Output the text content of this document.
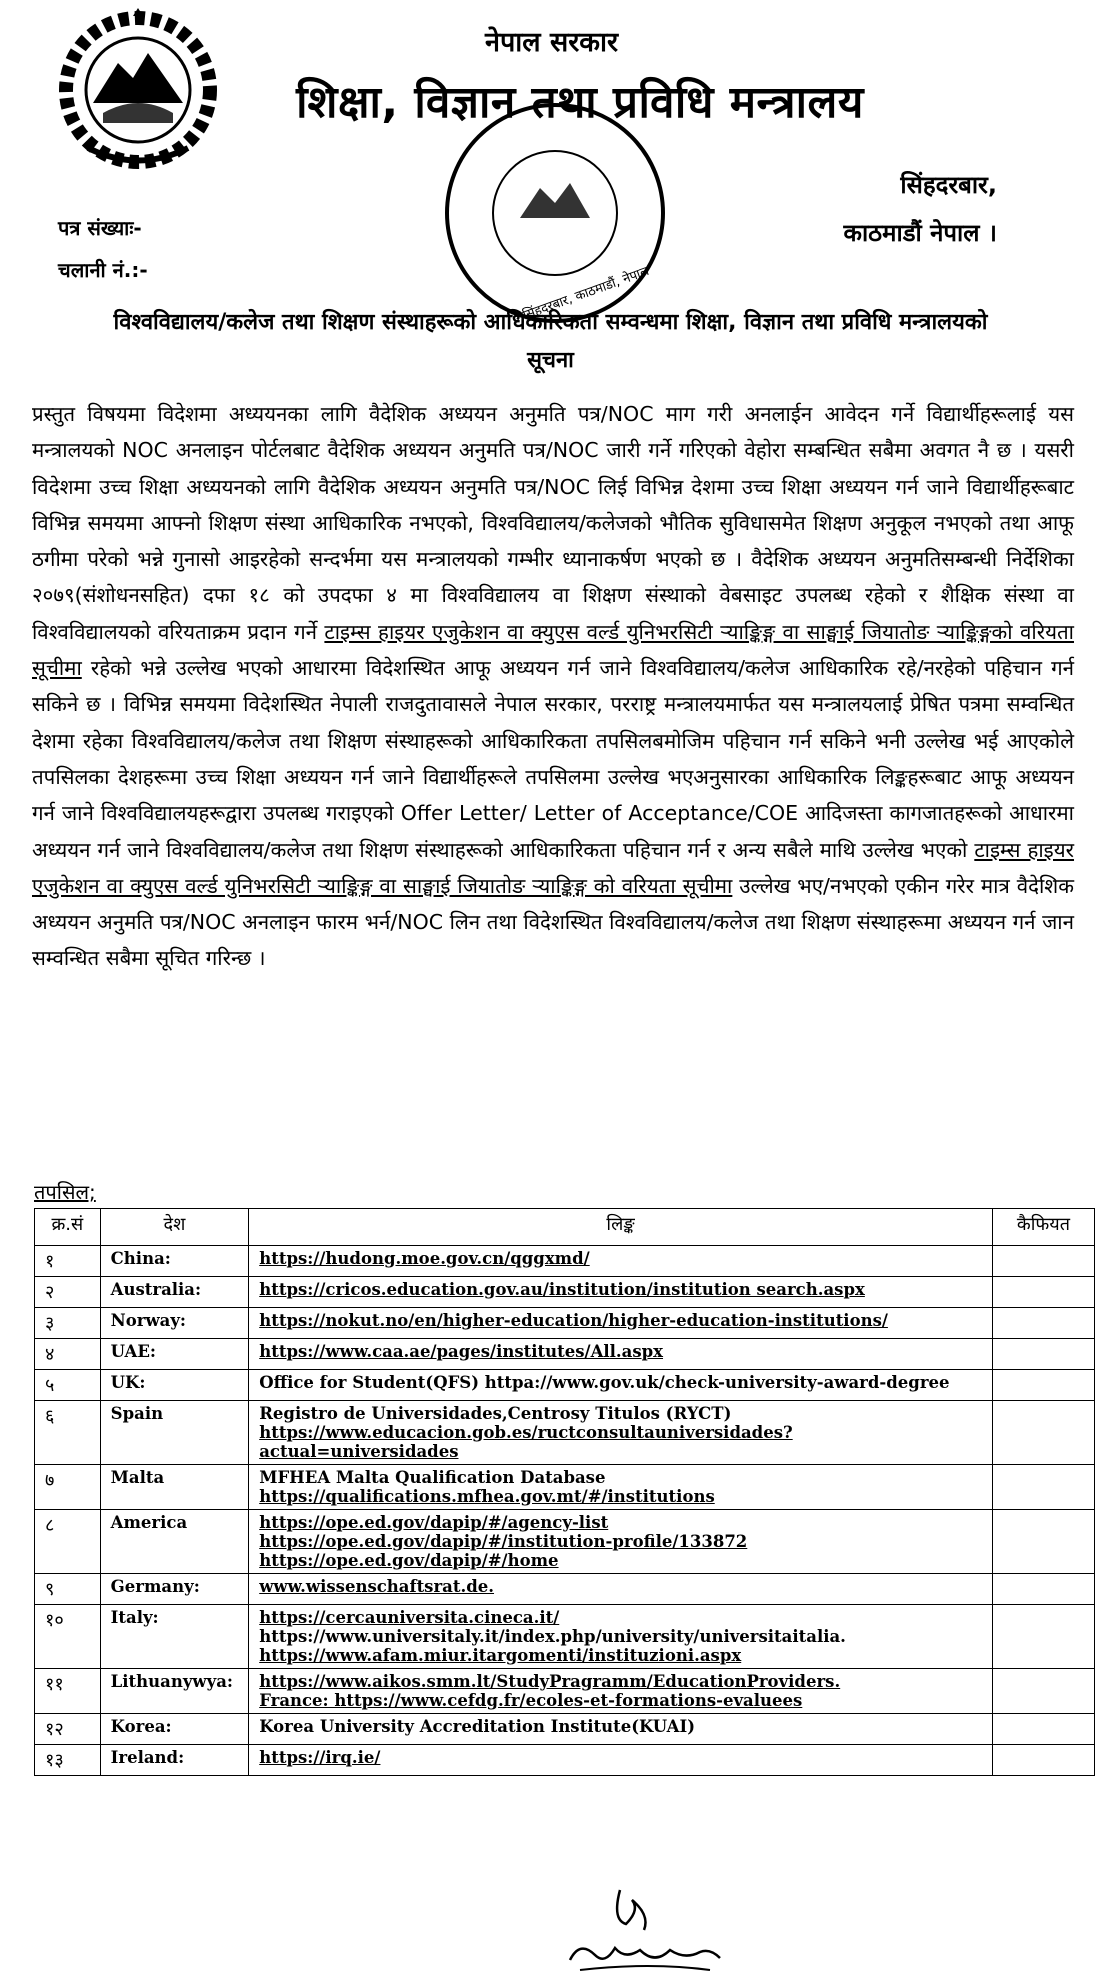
नेपाल सरकार
शिक्षा, विज्ञान तथा प्रविधि मन्त्रालय
सिंहदरबार, काठमाडौं, नेपाल
सिंहदरबार,
काठमाडौं नेपाल ।
पत्र संख्याः-
चलानी नं.:-
विश्वविद्यालय/कलेज तथा शिक्षण संस्थाहरूको आधिकारिकता सम्वन्धमा शिक्षा, विज्ञान तथा प्रविधि मन्त्रालयको
सूचना
प्रस्तुत विषयमा विदेशमा अध्ययनका लागि वैदेशिक अध्ययन अनुमति पत्र/NOC माग गरी अनलाईन आवेदन गर्ने विद्यार्थीहरूलाई यस मन्त्रालयको NOC अनलाइन पोर्टलबाट वैदेशिक अध्ययन अनुमति पत्र/NOC जारी गर्ने गरिएको वेहोरा सम्बन्धित सबैमा अवगत नै छ । यसरी विदेशमा उच्च शिक्षा अध्ययनको लागि वैदेशिक अध्ययन अनुमति पत्र/NOC लिई विभिन्न देशमा उच्च शिक्षा अध्ययन गर्न जाने विद्यार्थीहरूबाट विभिन्न समयमा आफ्नो शिक्षण संस्था आधिकारिक नभएको, विश्वविद्यालय/कलेजको भौतिक सुविधासमेत शिक्षण अनुकूल नभएको तथा आफू ठगीमा परेको भन्ने गुनासो आइरहेको सन्दर्भमा यस मन्त्रालयको गम्भीर ध्यानाकर्षण भएको छ । वैदेशिक अध्ययन अनुमतिसम्बन्धी निर्देशिका २०७९(संशोधनसहित) दफा १८ को उपदफा ४ मा विश्वविद्यालय वा शिक्षण संस्थाको वेबसाइट उपलब्ध रहेको र शैक्षिक संस्था वा विश्वविद्यालयको वरियताक्रम प्रदान गर्ने टाइम्स हाइयर एजुकेशन वा क्युएस वर्ल्ड युनिभरसिटी र्‍याङ्किङ्ग वा साङ्घाई जियातोङ र्‍याङ्किङ्गको वरियता सूचीमा रहेको भन्ने उल्लेख भएको आधारमा विदेशस्थित आफू अध्ययन गर्न जाने विश्वविद्यालय/कलेज आधिकारिक रहे/नरहेको पहिचान गर्न सकिने छ । विभिन्न समयमा विदेशस्थित नेपाली राजदुतावासले नेपाल सरकार, परराष्ट्र मन्त्रालयमार्फत यस मन्त्रालयलाई प्रेषित पत्रमा सम्वन्धित देशमा रहेका विश्वविद्यालय/कलेज तथा शिक्षण संस्थाहरूको आधिकारिकता तपसिलबमोजिम पहिचान गर्न सकिने भनी उल्लेख भई आएकोले तपसिलका देशहरूमा उच्च शिक्षा अध्ययन गर्न जाने विद्यार्थीहरूले तपसिलमा उल्लेख भएअनुसारका आधिकारिक लिङ्कहरूबाट आफू अध्ययन गर्न जाने विश्वविद्यालयहरूद्वारा उपलब्ध गराइएको Offer Letter/ Letter of Acceptance/COE आदिजस्ता कागजातहरूको आधारमा अध्ययन गर्न जाने विश्वविद्यालय/कलेज तथा शिक्षण संस्थाहरूको आधिकारिकता पहिचान गर्न र अन्य सबैले माथि उल्लेख भएको टाइम्स हाइयर एजुकेशन वा क्युएस वर्ल्ड युनिभरसिटी र्‍याङ्किङ्ग वा साङ्घाई जियातोङ र्‍याङ्किङ्ग को वरियता सूचीमा उल्लेख भए/नभएको एकीन गरेर मात्र वैदेशिक अध्ययन अनुमति पत्र/NOC अनलाइन फारम भर्न/NOC लिन तथा विदेशस्थित विश्वविद्यालय/कलेज तथा शिक्षण संस्थाहरूमा अध्ययन गर्न जान सम्वन्धित सबैमा सूचित गरिन्छ ।
तपसिल;
क्र.सं	देश	लिङ्क	कैफियत
१	China:	https://hudong.moe.gov.cn/qggxmd/	

२	Australia:	https://cricos.education.gov.au/institution/institution search.aspx	

३	Norway:	https://nokut.no/en/higher-education/higher-education-institutions/	

४	UAE:	https://www.caa.ae/pages/institutes/All.aspx	

५	UK:	Office for Student(QFS) httpa://www.gov.uk/check-university-award-degree	

६	Spain	Registro de Universidades,Centrosy Titulos (RYCT)
https://www.educacion.gob.es/ructconsultauniversidades?actual=universidades	

७	Malta	MFHEA Malta Qualification Database
https://qualifications.mfhea.gov.mt/#/institutions	

८	America	https://ope.ed.gov/dapip/#/agency-list
https://ope.ed.gov/dapip/#/institution-profile/133872
https://ope.ed.gov/dapip/#/home	

९	Germany:	www.wissenschaftsrat.de.	

१०	Italy:	https://cercauniversita.cineca.it/
https://www.universitaly.it/index.php/university/universitaitalia.
https://www.afam.miur.itargomenti/instituzioni.aspx	

११	Lithuanywya:	https://www.aikos.smm.lt/StudyPragramm/EducationProviders.
France: https://www.cefdg.fr/ecoles-et-formations-evaluees	

१२	Korea:	Korea University Accreditation Institute(KUAI)	

१३	Ireland:	https://irq.ie/	
